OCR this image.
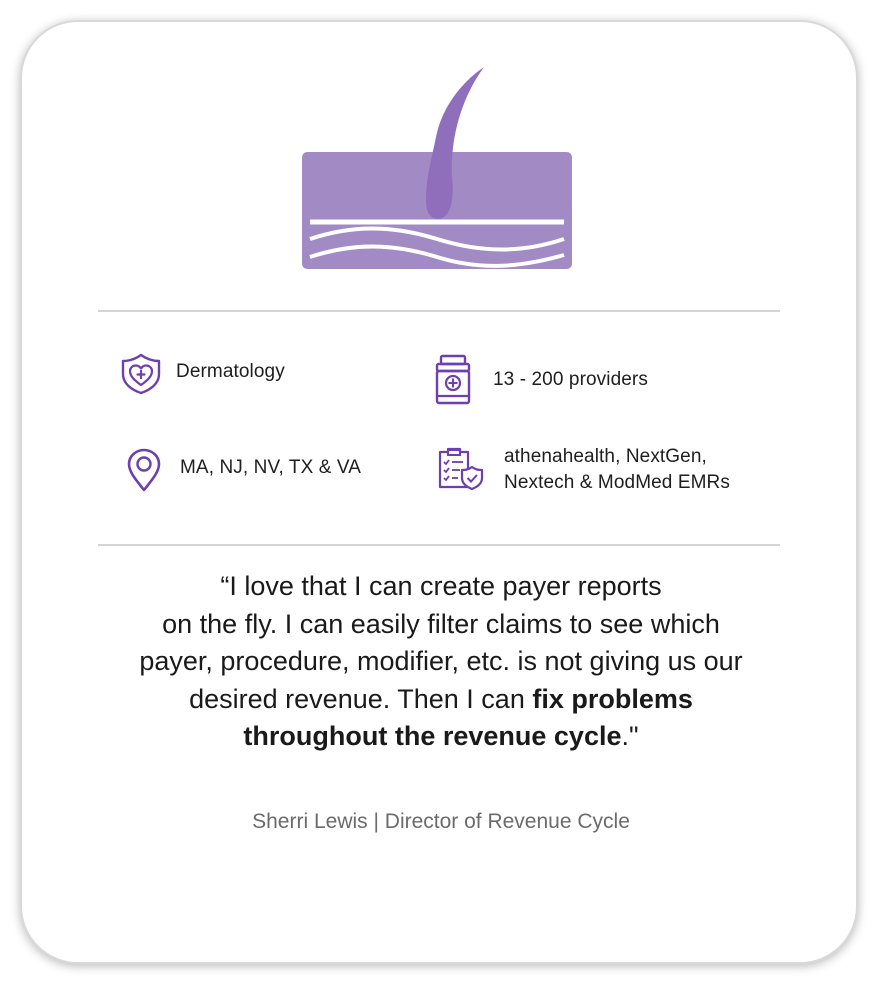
Dermatology	13 - 200 providers
MA, NJ, NV, TX & VA
athenahealth, NextGen,
Nextech & ModMed EMRs
“I love that I can create payer reports
on the fly. I can easily filter claims to see which
payer, procedure, modifier, etc. is not giving us our
desired revenue. Then I can fix problems
throughout the revenue cycle."
Sherri Lewis | Director of Revenue Cycle
